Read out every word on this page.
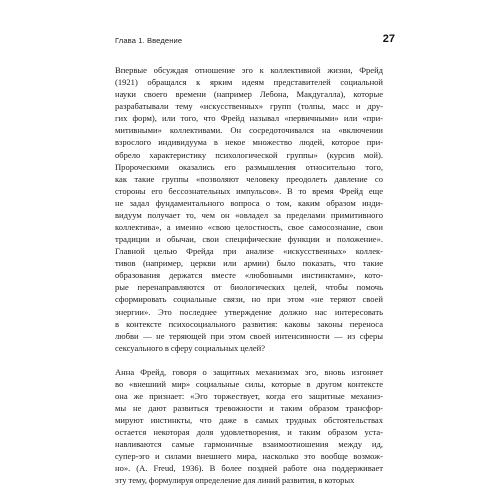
Глава 1. Введение	27
Впервые обсуждая отношение эго к коллективной жизни, Фрейд
(1921) обращался к ярким идеям представителей социальной
науки своего времени (например Лебона, Макдугалла), которые
разрабатывали тему «искусственных» групп (толпы, масс и дру-
гих форм), или того, что Фрейд называл «первичными» или «при-
митивными» коллективами. Он сосредоточивался на «включении
взрослого индивидуума в некое множество людей, которое при-
обрело характеристику психологической группы» (курсив мой).
Пророческими оказались его размышления относительно того,
как такие группы «позволяют человеку преодолеть давление со
стороны его бессознательных импульсов». В то время Фрейд еще
не задал фундаментального вопроса о том, каким образом инди-
видуум получает то, чем он «овладел за пределами примитивного
коллектива», а именно «свою целостность, свое самосознание, свои
традиции и обычаи, свои специфические функции и положение».
Главной целью Фрейда при анализе «искусственных» коллек-
тивов (например, церкви или армии) было показать, что такие
образования держатся вместе «любовными инстинктами», кото-
рые перенаправляются от биологических целей, чтобы помочь
сформировать социальные связи, но при этом «не теряют своей
энергии». Это последнее утверждение должно нас интересовать
в контексте психосоциального развития: каковы законы переноса
любви — не теряющей при этом своей интенсивности — из сферы
сексуального в сферу социальных целей?
Анна Фрейд, говоря о защитных механизмах эго, вновь изгоняет
во «внешний мир» социальные силы, которые в другом контексте
она же признает: «Эго торжествует, когда его защитные механиз-
мы не дают развиться тревожности и таким образом трансфор-
мируют инстинкты, что даже в самых трудных обстоятельствах
остается некоторая доля удовлетворения, и таким образом уста-
навливаются самые гармоничные взаимоотношения между ид,
супер-эго и силами внешнего мира, насколько это вообще возмож-
но». (A. Freud, 1936). В более поздней работе она поддерживает
эту тему, формулируя определение для линий развития, в которых
